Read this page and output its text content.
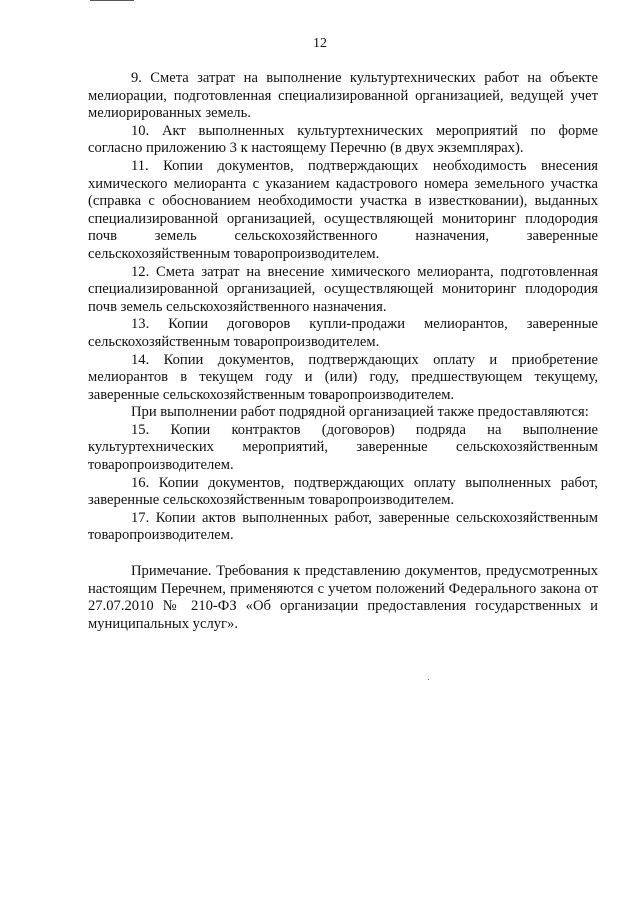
12

9. Смета затрат на выполнение культуртехнических работ на объекте мелиорации, подготовленная специализированной организацией, ведущей учет мелиорированных земель.

10. Акт выполненных культуртехнических мероприятий по форме согласно приложению 3 к настоящему Перечню (в двух экземплярах).

11. Копии документов, подтверждающих необходимость внесения химического мелиоранта с указанием кадастрового номера земельного участка (справка с обоснованием необходимости участка в известковании), выданных специализированной организацией, осуществляющей мониторинг плодородия почв земель сельскохозяйственного назначения, заверенные сельскохозяйственным товаропроизводителем.

12. Смета затрат на внесение химического мелиоранта, подготовленная специализированной организацией, осуществляющей мониторинг плодородия почв земель сельскохозяйственного назначения.

13. Копии договоров купли-продажи мелиорантов, заверенные сельскохозяйственным товаропроизводителем.

14. Копии документов, подтверждающих оплату и приобретение мелиорантов в текущем году и (или) году, предшествующем текущему, заверенные сельскохозяйственным товаропроизводителем.

При выполнении работ подрядной организацией также предоставляются:

15. Копии контрактов (договоров) подряда на выполнение культуртехнических мероприятий, заверенные сельскохозяйственным товаропроизводителем.

16. Копии документов, подтверждающих оплату выполненных работ, заверенные сельскохозяйственным товаропроизводителем.

17. Копии актов выполненных работ, заверенные сельскохозяйственным товаропроизводителем.

Примечание. Требования к представлению документов, предусмотренных настоящим Перечнем, применяются с учетом положений Федерального закона от 27.07.2010 № 210-ФЗ «Об организации предоставления государственных и муниципальных услуг».
